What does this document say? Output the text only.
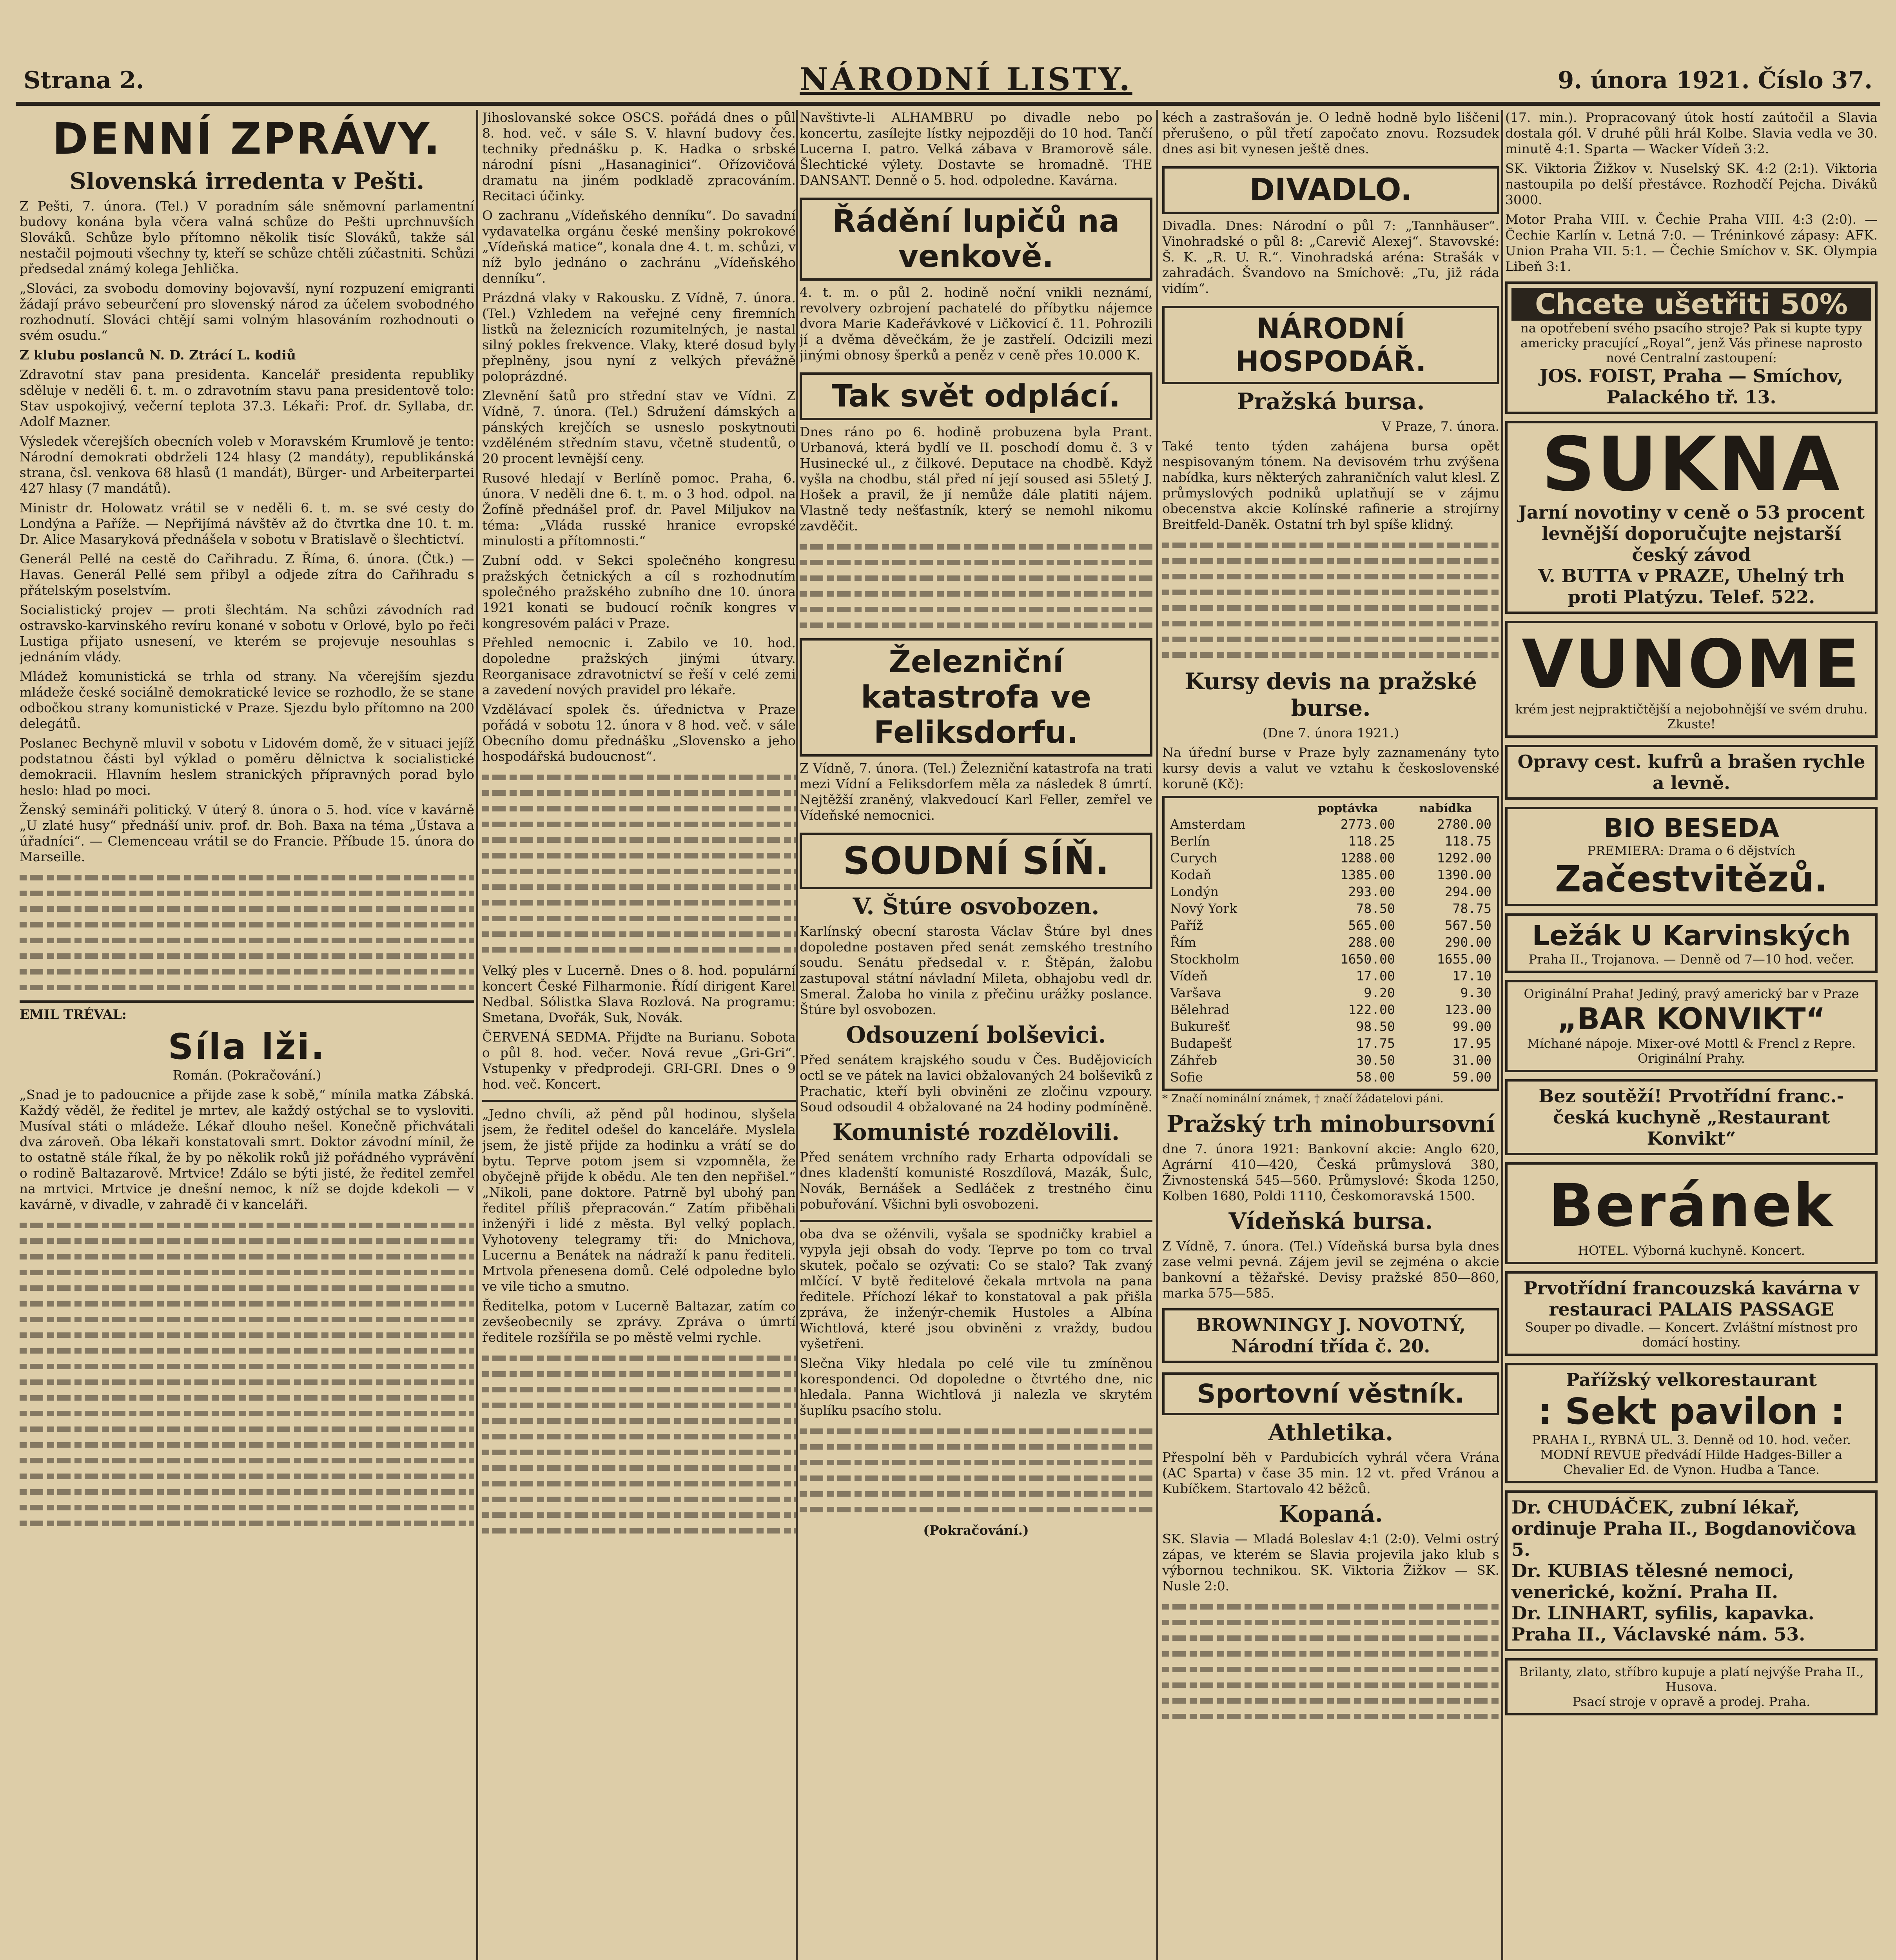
Strana 2.	NÁRODNÍ LISTY.	9. února 1921. Číslo 37.
DENNÍ ZPRÁVY.
Slovenská irredenta v Pešti.

Z Pešti, 7. února. (Tel.) V poradním sále sněmovní parlamentní budovy konána byla včera valná schůze do Pešti uprchnuvších Slováků. Schůze bylo přítomno několik tisíc Slováků, takže sál nestačil pojmouti všechny ty, kteří se schůze chtěli zúčastniti. Schůzi předsedal známý kolega Jehlička.

„Slováci, za svobodu domoviny bojovavší, nyní rozpuzení emigranti žádají právo sebeurčení pro slovenský národ za účelem svobodného rozhodnutí. Slováci chtějí sami volným hlasováním rozhodnouti o svém osudu.“

Z klubu poslanců N. D. Ztrácí L. kodiů

Zdravotní stav pana presidenta. Kancelář presidenta republiky sděluje v neděli 6. t. m. o zdravotním stavu pana presidentově tolo: Stav uspokojivý, večerní teplota 37.3. Lékaři: Prof. dr. Syllaba, dr. Adolf Mazner.

Výsledek včerejších obecních voleb v Moravském Krumlově je tento: Národní demokrati obdrželi 124 hlasy (2 mandáty), republikánská strana, čsl. venkova 68 hlasů (1 mandát), Bürger- und Arbeiterpartei 427 hlasy (7 mandátů).

Ministr dr. Holowatz vrátil se v neděli 6. t. m. se své cesty do Londýna a Paříže. — Nepřijímá návštěv až do čtvrtka dne 10. t. m. Dr. Alice Masaryková přednášela v sobotu v Bratislavě o šlechtictví.

Generál Pellé na cestě do Cařihradu. Z Říma, 6. února. (Čtk.) — Havas. Generál Pellé sem přibyl a odjede zítra do Cařihradu s přátelským poselstvím.

Socialistický projev — proti šlechtám. Na schůzi závodních rad ostravsko-karvinského revíru konané v sobotu v Orlové, bylo po řeči Lustiga přijato usnesení, ve kterém se projevuje nesouhlas s jednáním vlády.

Mládež komunistická se trhla od strany. Na včerejším sjezdu mládeže české sociálně demokratické levice se rozhodlo, že se stane odbočkou strany komunistické v Praze. Sjezdu bylo přítomno na 200 delegátů.

Poslanec Bechyně mluvil v sobotu v Lidovém domě, že v situaci jejíž podstatnou části byl výklad o poměru dělnictva k socialistické demokracii. Hlavním heslem stranických přípravných porad bylo heslo: hlad po moci.

Ženský semináři politický. V úterý 8. února o 5. hod. více v kavárně „U zlaté husy“ přednáší univ. prof. dr. Boh. Baxa na téma „Ústava a úřadníci“. — Clemenceau vrátil se do Francie. Příbude 15. února do Marseille.

EMIL TRÉVAL:
Síla lži.
Román. (Pokračování.)

„Snad je to padoucnice a přijde zase k sobě,“ mínila matka Zábská. Každý věděl, že ředitel je mrtev, ale každý ostýchal se to vysloviti. Musíval státi o mládeže. Lékař dlouho nešel. Konečně přichvátali dva zároveň. Oba lékaři konstatovali smrt. Doktor závodní mínil, že to ostatně stále říkal, že by po několik roků již pořádného vyprávění o rodině Baltazarově. Mrtvice! Zdálo se býti jisté, že ředitel zemřel na mrtvici. Mrtvice je dnešní nemoc, k níž se dojde kdekoli — v kavárně, v divadle, v zahradě či v kanceláři.

Jihoslovanské sokce OSCS. pořádá dnes o půl 8. hod. več. v sále S. V. hlavní budovy čes. techniky přednášku p. K. Hadka o srbské národní písni „Hasanaginici“. Ořízovičová dramatu na jiném podkladě zpracováním. Recitaci účinky.

O zachranu „Vídeňského denníku“. Do savadní vydavatelka orgánu české menšiny pokrokové „Vídeňská matice“, konala dne 4. t. m. schůzi, v níž bylo jednáno o zachránu „Vídeňského denníku“.

Prázdná vlaky v Rakousku. Z Vídně, 7. února. (Tel.) Vzhledem na veřejné ceny firemních listků na železnicích rozumitelných, je nastal silný pokles frekvence. Vlaky, které dosud byly přeplněny, jsou nyní z velkých převážně poloprázdné.

Zlevnění šatů pro střední stav ve Vídni. Z Vídně, 7. února. (Tel.) Sdružení dámských a pánských krejčích se usneslo poskytnouti vzděléném středním stavu, včetně studentů, o 20 procent levnější ceny.

Rusové hledají v Berlíně pomoc. Praha, 6. února. V neděli dne 6. t. m. o 3 hod. odpol. na Žofíně přednášel prof. dr. Pavel Miljukov na téma: „Vláda russké hranice evropské minulosti a přítomnosti.“

Zubní odd. v Sekci společného kongresu pražských četnických a cíl s rozhodnutím společného pražského zubního dne 10. února 1921 konati se budoucí ročník kongres v kongresovém paláci v Praze.

Přehled nemocnic i. Zabilo ve 10. hod. dopoledne pražských jinými útvary. Reorganisace zdravotnictví se řeší v celé zemi a zavedení nových pravidel pro lékaře.

Vzdělávací spolek čs. úřednictva v Praze pořádá v sobotu 12. února v 8 hod. več. v sále Obecního domu přednášku „Slovensko a jeho hospodářská budoucnost“.

Velký ples v Lucerně. Dnes o 8. hod. populární koncert České Filharmonie. Řídí dirigent Karel Nedbal. Sólistka Slava Rozlová. Na programu: Smetana, Dvořák, Suk, Novák.

ČERVENÁ SEDMA. Přijďte na Burianu. Sobota o půl 8. hod. večer. Nová revue „Gri-Gri“. Vstupenky v předprodeji. GRI-GRI. Dnes o 9 hod. več. Koncert.

„Jedno chvíli, až pěnd půl hodinou, slyšela jsem, že ředitel odešel do kanceláře. Myslela jsem, že jistě přijde za hodinku a vrátí se do bytu. Teprve potom jsem si vzpomněla, že obyčejně přijde k obědu. Ale ten den nepřišel.“ „Nikoli, pane doktore. Patrně byl ubohý pan ředitel příliš přepracován.“ Zatím přiběhali inženýři i lidé z města. Byl velký poplach. Vyhotoveny telegramy tři: do Mnichova, Lucernu a Benátek na nádraží k panu řediteli. Mrtvola přenesena domů. Celé odpoledne bylo ve vile ticho a smutno.

Ředitelka, potom v Lucerně Baltazar, zatím co zevšeobecnily se zprávy. Zpráva o úmrtí ředitele rozšířila se po městě velmi rychle.

Navštivte-li ALHAMBRU po divadle nebo po koncertu, zasílejte lístky nejpozději do 10 hod. Tančí Lucerna I. patro. Velká zábava v Bramorově sále. Šlechtické výlety. Dostavte se hromadně. THE DANSANT. Denně o 5. hod. odpoledne. Kavárna.

Řádění lupičů na venkově.

4. t. m. o půl 2. hodině noční vnikli neznámí, revolvery ozbrojení pachatelé do příbytku nájemce dvora Marie Kadeřávkové v Ličkovicí č. 11. Pohrozili jí a dvěma děvečkám, že je zastřelí. Odcizili mezi jinými obnosy šperků a peněz v ceně přes 10.000 K.

Tak svět odplácí.

Dnes ráno po 6. hodině probuzena byla Prant. Urbanová, která bydlí ve II. poschodí domu č. 3 v Husinecké ul., z čilkové. Deputace na chodbě. Když vyšla na chodbu, stál před ní její soused asi 55letý J. Hošek a pravil, že jí nemůže dále platiti nájem. Vlastně tedy nešťastník, který se nemohl nikomu zavděčit.

Železniční katastrofa ve Feliksdorfu.

Z Vídně, 7. února. (Tel.) Železniční katastrofa na trati mezi Vídní a Feliksdorfem měla za následek 8 úmrtí. Nejtěžší zraněný, vlakvedoucí Karl Feller, zemřel ve Vídeňské nemocnici.

SOUDNÍ SÍŇ.
V. Štúre osvobozen.

Karlínský obecní starosta Václav Štúre byl dnes dopoledne postaven před senát zemského trestního soudu. Senátu předsedal v. r. Štěpán, žalobu zastupoval státní návladní Mileta, obhajobu vedl dr. Smeral. Žaloba ho vinila z přečinu urážky poslance. Štúre byl osvobozen.

Odsouzení bolševici.

Před senátem krajského soudu v Čes. Budějovicích octl se ve pátek na lavici obžalovaných 24 bolševiků z Prachatic, kteří byli obviněni ze zločinu vzpoury. Soud odsoudil 4 obžalované na 24 hodiny podmíněně.

Komunisté rozdělovili.

Před senátem vrchního rady Erharta odpovídali se dnes kladenští komunisté Roszdílová, Mazák, Šulc, Novák, Bernášek a Sedláček z trestného činu pobuřování. Všichni byli osvobozeni.

oba dva se ožénvili, vyšala se spodničky krabiel a vypyla jeji obsah do vody. Teprve po tom co trval skutek, počalo se ozývati: Co se stalo? Tak zvaný mlčící. V bytě ředitelové čekala mrtvola na pana ředitele. Příchozí lékař to konstatoval a pak přišla zpráva, že inženýr-chemik Hustoles a Albína Wichtlová, které jsou obviněni z vraždy, budou vyšetřeni.

Slečna Viky hledala po celé vile tu zmíněnou korespondenci. Od dopoledne o čtvrtého dne, nic hledala. Panna Wichtlová ji nalezla ve skrytém šuplíku psacího stolu.

(Pokračování.)

kéch a zastrašován je. O ledně hodně bylo liščeni přerušeno, o půl třetí započato znovu. Rozsudek dnes asi bit vynesen ještě dnes.

DIVADLO.

Divadla. Dnes: Národní o půl 7: „Tannhäuser“. Vinohradské o půl 8: „Carevič Alexej“. Stavovské: Š. K. „R. U. R.“. Vinohradská aréna: Strašák v zahradách. Švandovo na Smíchově: „Tu, již ráda vidím“.

NÁRODNÍ HOSPODÁŘ.
Pražská bursa.
V Praze, 7. února.

Také tento týden zahájena bursa opět nespisovaným tónem. Na devisovém trhu zvýšena nabídka, kurs některých zahraničních valut klesl. Z průmyslových podniků uplatňují se v zájmu obecenstva akcie Kolínské rafinerie a strojírny Breitfeld-Daněk. Ostatní trh byl spíše klidný.

Kursy devis na pražské burse.
(Dne 7. února 1921.)

Na úřední burse v Praze byly zaznamenány tyto kursy devis a valut ve vztahu k československé koruně (Kč):

	poptávka	nabídka
Amsterdam	2773.00	2780.00
Berlín	118.25	118.75
Curych	1288.00	1292.00
Kodaň	1385.00	1390.00
Londýn	293.00	294.00
Nový York	78.50	78.75
Paříž	565.00	567.50
Řím	288.00	290.00
Stockholm	1650.00	1655.00
Vídeň	17.00	17.10
Varšava	9.20	9.30
Bělehrad	122.00	123.00
Bukurešť	98.50	99.00
Budapešť	17.75	17.95
Záhřeb	30.50	31.00
Sofie	58.00	59.00
* Značí nominální známek, † značí žádatelovi páni.
Pražský trh minobursovní

dne 7. února 1921: Bankovní akcie: Anglo 620, Agrární 410—420, Česká průmyslová 380, Živnostenská 545—560. Průmyslové: Škoda 1250, Kolben 1680, Poldi 1110, Českomoravská 1500.

Vídeňská bursa.

Z Vídně, 7. února. (Tel.) Vídeňská bursa byla dnes zase velmi pevná. Zájem jevil se zejména o akcie bankovní a těžařské. Devisy pražské 850—860, marka 575—585.

BROWNINGY J. NOVOTNÝ, Národní třída č. 20.
Sportovní věstník.
Athletika.

Přespolní běh v Pardubicích vyhrál včera Vrána (AC Sparta) v čase 35 min. 12 vt. před Vránou a Kubíčkem. Startovalo 42 běžců.

Kopaná.

SK. Slavia — Mladá Boleslav 4:1 (2:0). Velmi ostrý zápas, ve kterém se Slavia projevila jako klub s výbornou technikou. SK. Viktoria Žižkov — SK. Nusle 2:0.

(17. min.). Propracovaný útok hostí zaútočil a Slavia dostala gól. V druhé půli hrál Kolbe. Slavia vedla ve 30. minutě 4:1. Sparta — Wacker Vídeň 3:2.

SK. Viktoria Žižkov v. Nuselský SK. 4:2 (2:1). Viktoria nastoupila po delší přestávce. Rozhodčí Pejcha. Diváků 3000.

Motor Praha VIII. v. Čechie Praha VIII. 4:3 (2:0). — Čechie Karlín v. Letná 7:0. — Tréninkové zápasy: AFK. Union Praha VII. 5:1. — Čechie Smíchov v. SK. Olympia Libeň 3:1.

Chcete ušetřiti 50%
na opotřebení svého psacího stroje? Pak si kupte typy americky pracující „Royal“, jenž Vás přinese naprosto nové Centralní zastoupení:
JOS. FOIST, Praha — Smíchov, Palackého tř. 13.
SUKNA
Jarní novotiny v ceně o 53 procent levnější doporučujte nejstarší český závod
V. BUTTA v PRAZE, Uhelný trh proti Platýzu. Telef. 522.
VUNOME
krém jest nejpraktičtější a nejobohnější ve svém druhu. Zkuste!
Opravy cest. kufrů a brašen rychle a levně.
BIO BESEDA
PREMIERA: Drama o 6 dějstvích
Začestvitězů.
Ležák U Karvinských
Praha II., Trojanova. — Denně od 7—10 hod. večer.
Originální Praha! Jediný, pravý americký bar v Praze
„BAR KONVIKT“
Míchané nápoje. Mixer-ové Mottl & Frencl z Repre. Originální Prahy.
Bez soutěží! Prvotřídní franc.-česká kuchyně „Restaurant Konvikt“
Beránek
HOTEL. Výborná kuchyně. Koncert.
Prvotřídní francouzská kavárna v restauraci PALAIS PASSAGE
Souper po divadle. — Koncert. Zvláštní místnost pro domácí hostiny.
Pařížský velkorestaurant
: Sekt pavilon :
PRAHA I., RYBNÁ UL. 3. Denně od 10. hod. večer. MODNÍ REVUE předvádí Hilde Hadges-Biller a Chevalier Ed. de Vynon. Hudba a Tance.
Dr. CHUDÁČEK, zubní lékař, ordinuje Praha II., Bogdanovičova 5.
Dr. KUBIAS tělesné nemoci, venerické, kožní. Praha II.
Dr. LINHART, syfilis, kapavka. Praha II., Václavské nám. 53.
Brilanty, zlato, stříbro kupuje a platí nejvýše Praha II., Husova.
Psací stroje v opravě a prodej. Praha.
